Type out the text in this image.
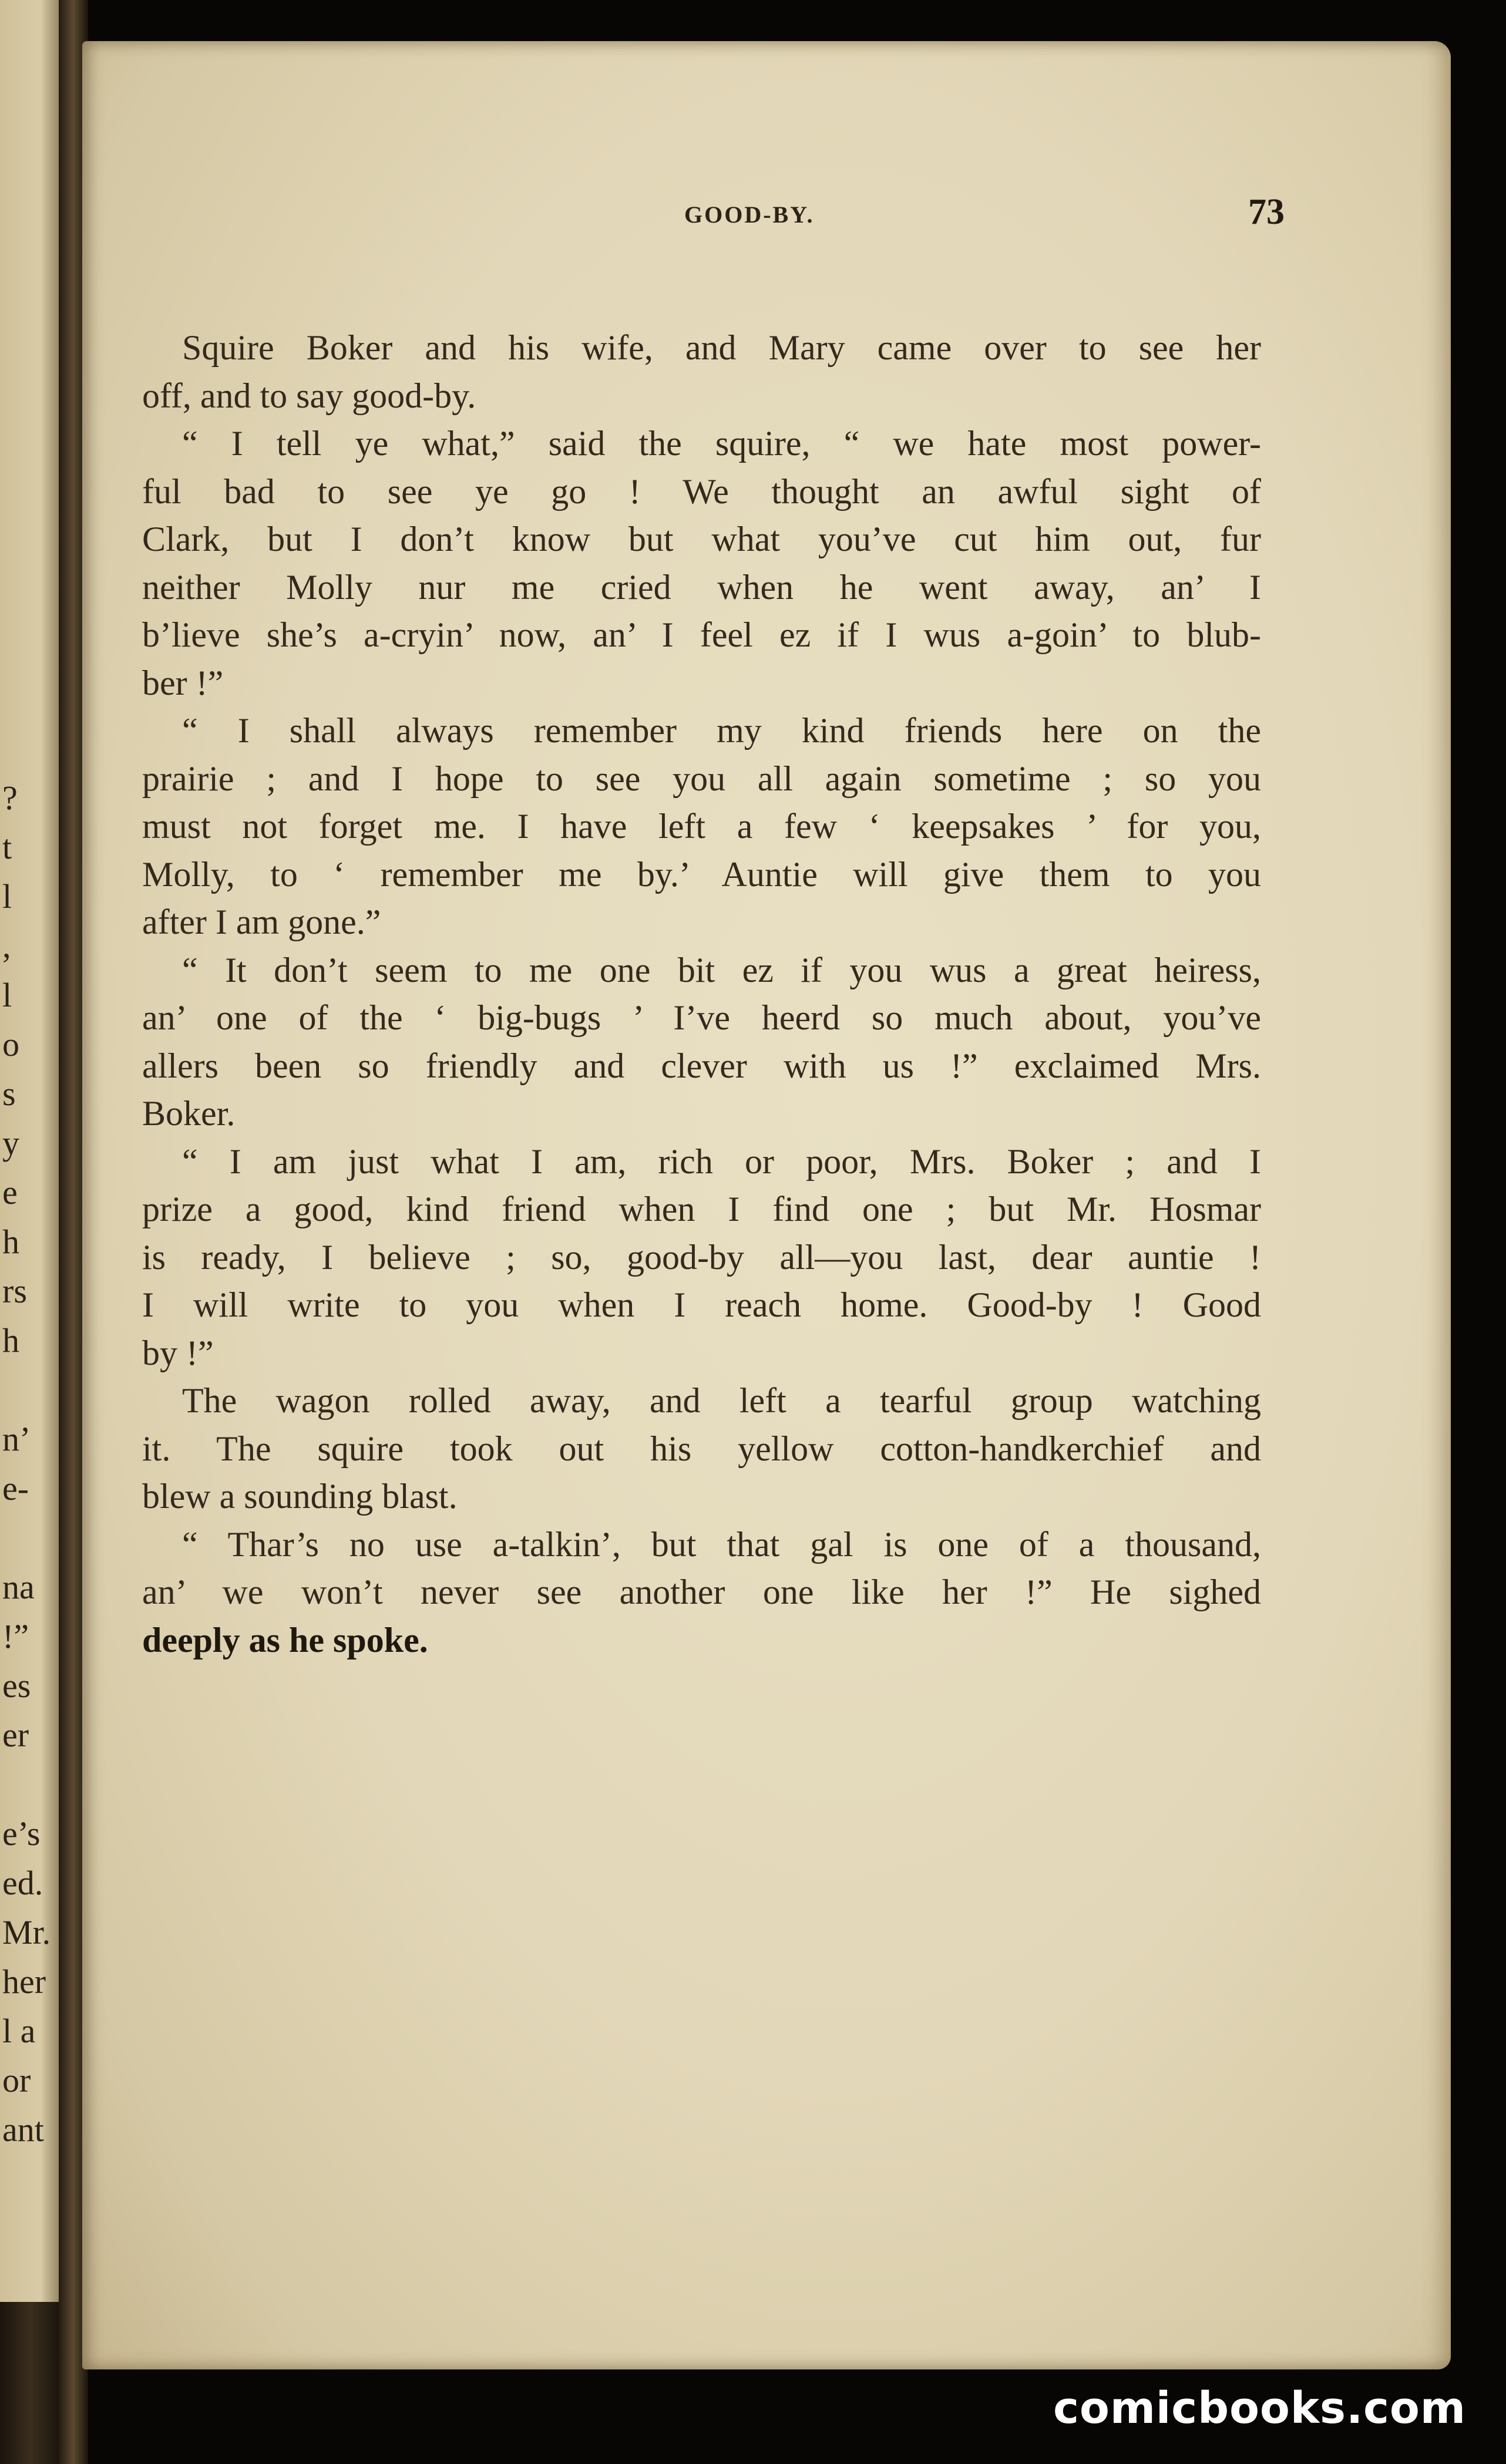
?
t
l
,
l
o
s
y
e
h
rs
h
n’
e-
na
!”
es
er
e’s
ed.
Mr.
her
l a
or
ant
GOOD-BY.	73
Squire Boker and his wife, and Mary came over to see her
off, and to say good-by.
“ I tell ye what,” said the squire, “ we hate most power-
ful bad to see ye go ! We thought an awful sight of
Clark, but I don’t know but what you’ve cut him out, fur
neither Molly nur me cried when he went away, an’ I
b’lieve she’s a-cryin’ now, an’ I feel ez if I wus a-goin’ to blub-
ber !”
“ I shall always remember my kind friends here on the
prairie ; and I hope to see you all again sometime ; so you
must not forget me. I have left a few ‘ keepsakes ’ for you,
Molly, to ‘ remember me by.’ Auntie will give them to you
after I am gone.”
“ It don’t seem to me one bit ez if you wus a great heiress,
an’ one of the ‘ big-bugs ’ I’ve heerd so much about, you’ve
allers been so friendly and clever with us !” exclaimed Mrs.
Boker.
“ I am just what I am, rich or poor, Mrs. Boker ; and I
prize a good, kind friend when I find one ; but Mr. Hosmar
is ready, I believe ; so, good-by all—you last, dear auntie !
I will write to you when I reach home. Good-by ! Good
by !”
The wagon rolled away, and left a tearful group watching
it. The squire took out his yellow cotton-handkerchief and
blew a sounding blast.
“ Thar’s no use a-talkin’, but that gal is one of a thousand,
an’ we won’t never see another one like her !” He sighed
deeply as he spoke.
comicbooks.com
